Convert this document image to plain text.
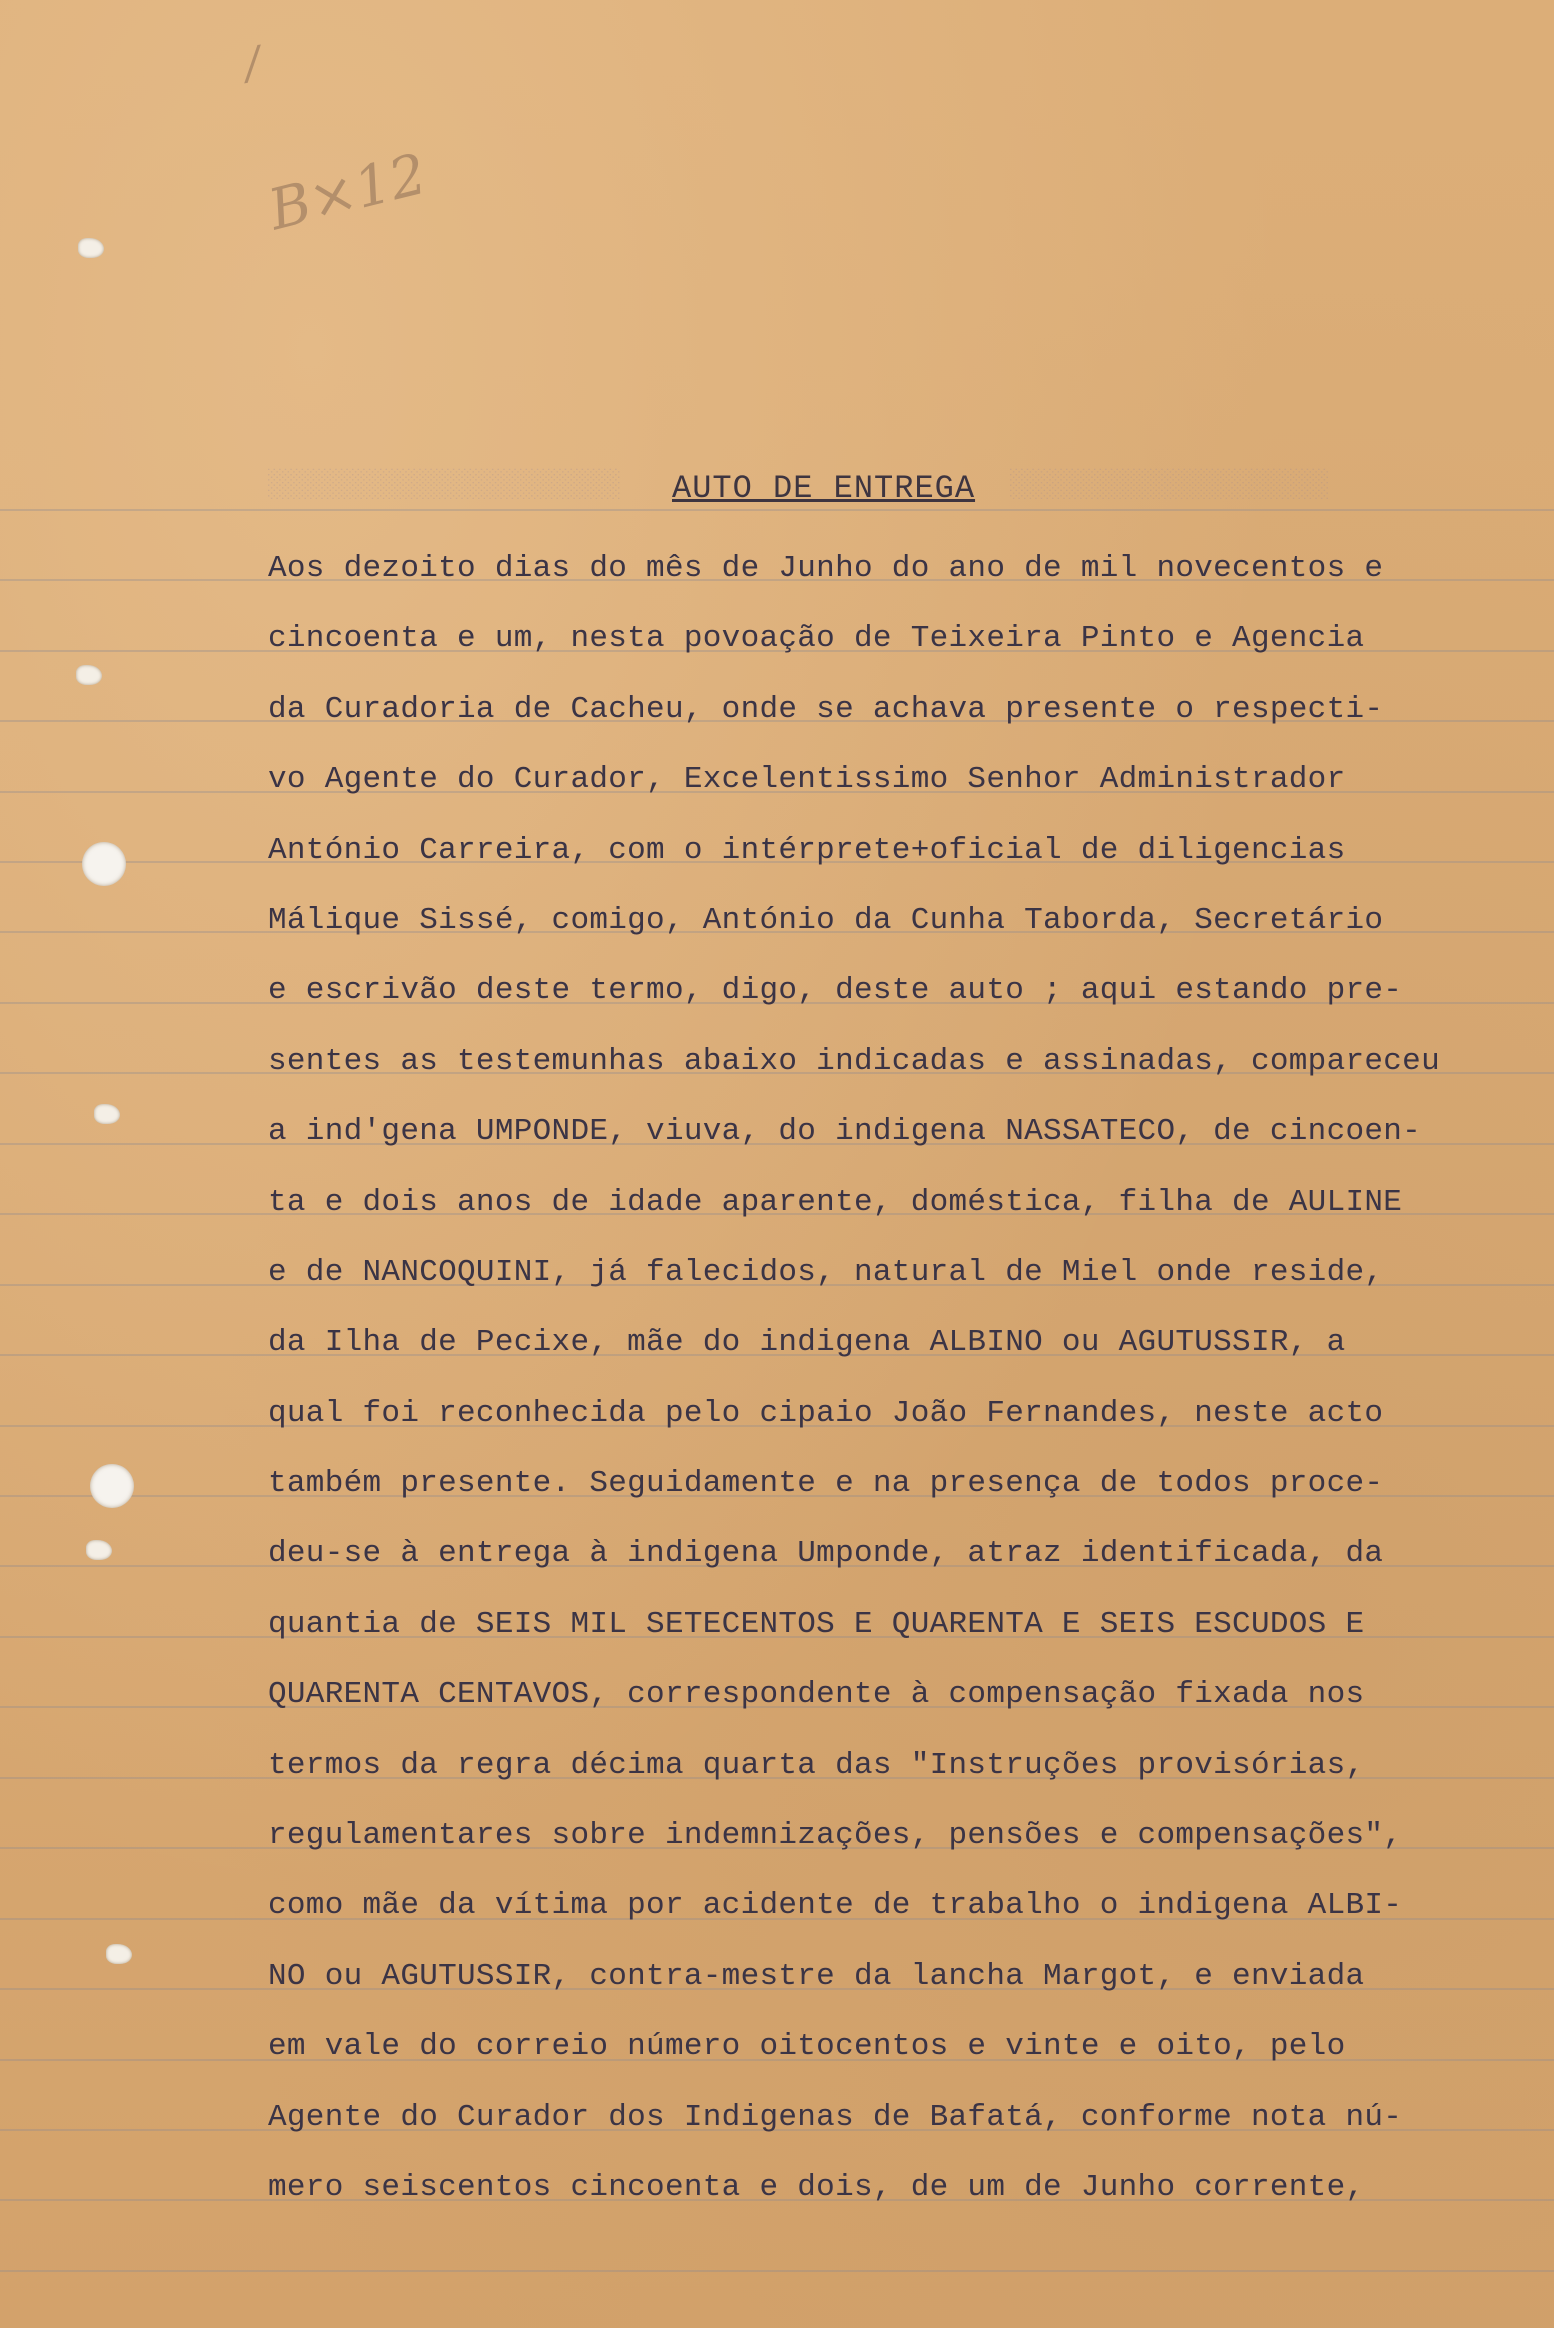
/
B×12
░░░░░░░░░░░░░░░░░░░░░	░░░░░░░░░░░░░░░░░░░
AUTO DE ENTREGA
Aos dezoito dias do mês de Junho do ano de mil novecentos e
cincoenta e um, nesta povoação de Teixeira Pinto e Agencia
da Curadoria de Cacheu, onde se achava presente o respecti-
vo Agente do Curador, Excelentissimo Senhor Administrador
António Carreira, com o intérprete+oficial de diligencias
Málique Sissé, comigo, António da Cunha Taborda, Secretário
e escrivão deste termo, digo, deste auto ; aqui estando pre-
sentes as testemunhas abaixo indicadas e assinadas, compareceu
a ind'gena UMPONDE, viuva, do indigena NASSATECO, de cincoen-
ta e dois anos de idade aparente, doméstica, filha de AULINE
e de NANCOQUINI, já falecidos, natural de Miel onde reside,
da Ilha de Pecixe, mãe do indigena ALBINO ou AGUTUSSIR, a
qual foi reconhecida pelo cipaio João Fernandes, neste acto
também presente. Seguidamente e na presença de todos proce-
deu-se à entrega à indigena Umponde, atraz identificada, da
quantia de SEIS MIL SETECENTOS E QUARENTA E SEIS ESCUDOS E
QUARENTA CENTAVOS, correspondente à compensação fixada nos
termos da regra décima quarta das "Instruções provisórias,
regulamentares sobre indemnizações, pensões e compensações",
como mãe da vítima por acidente de trabalho o indigena ALBI-
NO ou AGUTUSSIR, contra-mestre da lancha Margot, e enviada
em vale do correio número oitocentos e vinte e oito, pelo
Agente do Curador dos Indigenas de Bafatá, conforme nota nú-
mero seiscentos cincoenta e dois, de um de Junho corrente,
